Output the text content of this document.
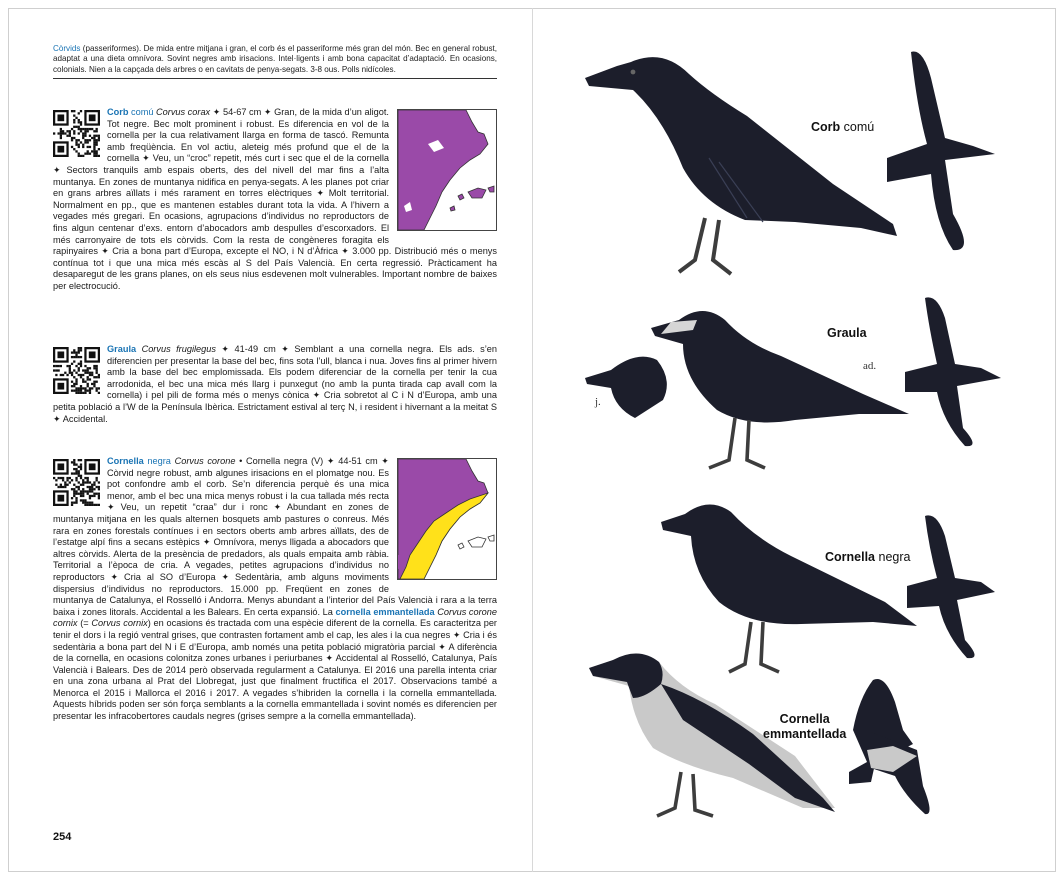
Còrvids (passeriformes). De mida entre mitjana i gran, el corb és el passeriforme més gran del món. Bec en general robust, adaptat a una dieta omnívora. Sovint negres amb irisacions. Intel·ligents i amb bona capacitat d’adaptació. En ocasions, colonials. Nien a la capçada dels arbres o en cavitats de penya-segats. 3-8 ous. Polls nidícoles.
Corb comú Corvus corax ✦ 54-67 cm ✦ Gran, de la mida d’un aligot. Tot negre. Bec molt prominent i robust. Es diferencia en vol de la cornella per la cua relativament llarga en forma de tascó. Remunta amb freqüència. En vol actiu, aleteig més profund que el de la cornella ✦ Veu, un “croc” repetit, més curt i sec que el de la cornella ✦ Sectors tranquils amb espais oberts, des del nivell del mar fins a l’alta muntanya. En zones de muntanya nidifica en penya-segats. A les planes pot criar en grans arbres aïllats i més rarament en torres elèctriques ✦ Molt territorial. Normalment en pp., que es mantenen estables durant tota la vida. A l’hivern a vegades més gregari. En ocasions, agrupacions d’individus no reproductors de fins algun centenar d’exs. entorn d’abocadors amb despulles d’escorxadors. El més carronyaire de tots els còrvids. Com la resta de congèneres foragita els rapinyaires ✦ Cria a bona part d’Europa, excepte el NO, i N d’Àfrica ✦ 3.000 pp. Distribució més o menys contínua tot i que una mica més escàs al S del País Valencià. En certa regressió. Pràcticament ha desaparegut de les grans planes, on els seus nius esdevenen molt vulnerables. Important nombre de baixes per electrocució.
Graula Corvus frugilegus ✦ 41-49 cm ✦ Semblant a una cornella negra. Els ads. s’en diferencien per presentar la base del bec, fins sota l’ull, blanca i nua. Joves fins al primer hivern amb la base del bec emplomissada. Els podem diferenciar de la cornella per tenir la cua arrodonida, el bec una mica més llarg i punxegut (no amb la punta tirada cap avall com la cornella) i pel pili de forma més o menys cònica ✦ Cria sobretot al C i N d’Europa, amb una petita població a l’W de la Península Ibèrica. Estrictament estival al terç N, i resident i hivernant a la meitat S ✦ Accidental.
Cornella negra Corvus corone • Cornella negra (V) ✦ 44-51 cm ✦ Còrvid negre robust, amb algunes irisacions en el plomatge nou. Es pot confondre amb el corb. Se’n diferencia perquè és una mica menor, amb el bec una mica menys robust i la cua tallada més recta ✦ Veu, un repetit “craa” dur i ronc ✦ Abundant en zones de muntanya mitjana en les quals alternen bosquets amb pastures o conreus. Més rara en zones forestals contínues i en sectors oberts amb arbres aïllats, des de l’estatge alpí fins a secans estèpics ✦ Omnívora, menys lligada a abocadors que altres còrvids. Alerta de la presència de predadors, als quals empaita amb ràbia. Territorial a l’època de cria. A vegades, petites agrupacions d’individus no reproductors ✦ Cria al SO d’Europa ✦ Sedentària, amb alguns moviments dispersius d’individus no reproductors. 15.000 pp. Freqüent en zones de muntanya de Catalunya, el Rosselló i Andorra. Menys abundant a l’interior del País Valencià i rara a la terra baixa i zones litorals. Accidental a les Balears. En certa expansió. La cornella emmantellada Corvus corone cornix (= Corvus cornix) en ocasions és tractada com una espècie diferent de la cornella. Es caracteritza per tenir el dors i la regió ventral grises, que contrasten fortament amb el cap, les ales i la cua negres ✦ Cria i és sedentària a bona part del N i E d’Europa, amb només una petita població migratòria parcial ✦ A diferència de la cornella, en ocasions colonitza zones urbanes i periurbanes ✦ Accidental al Rosselló, Catalunya, País Valencià i Balears. Des de 2014 però observada regularment a Catalunya. El 2016 una parella intenta criar en una zona urbana al Prat del Llobregat, just que finalment fructifica el 2017. Observacions també a Menorca el 2015 i Mallorca el 2016 i 2017. A vegades s’hibriden la cornella i la cornella emmantellada. Aquests híbrids poden ser són força semblants a la cornella emmantellada i sovint només es diferencien per presentar les infracobertores caudals negres (grises sempre a la cornella emmantellada).
254
Corb comú
Graula
Cornella negra
Cornella
emmantellada
ad.
j.
